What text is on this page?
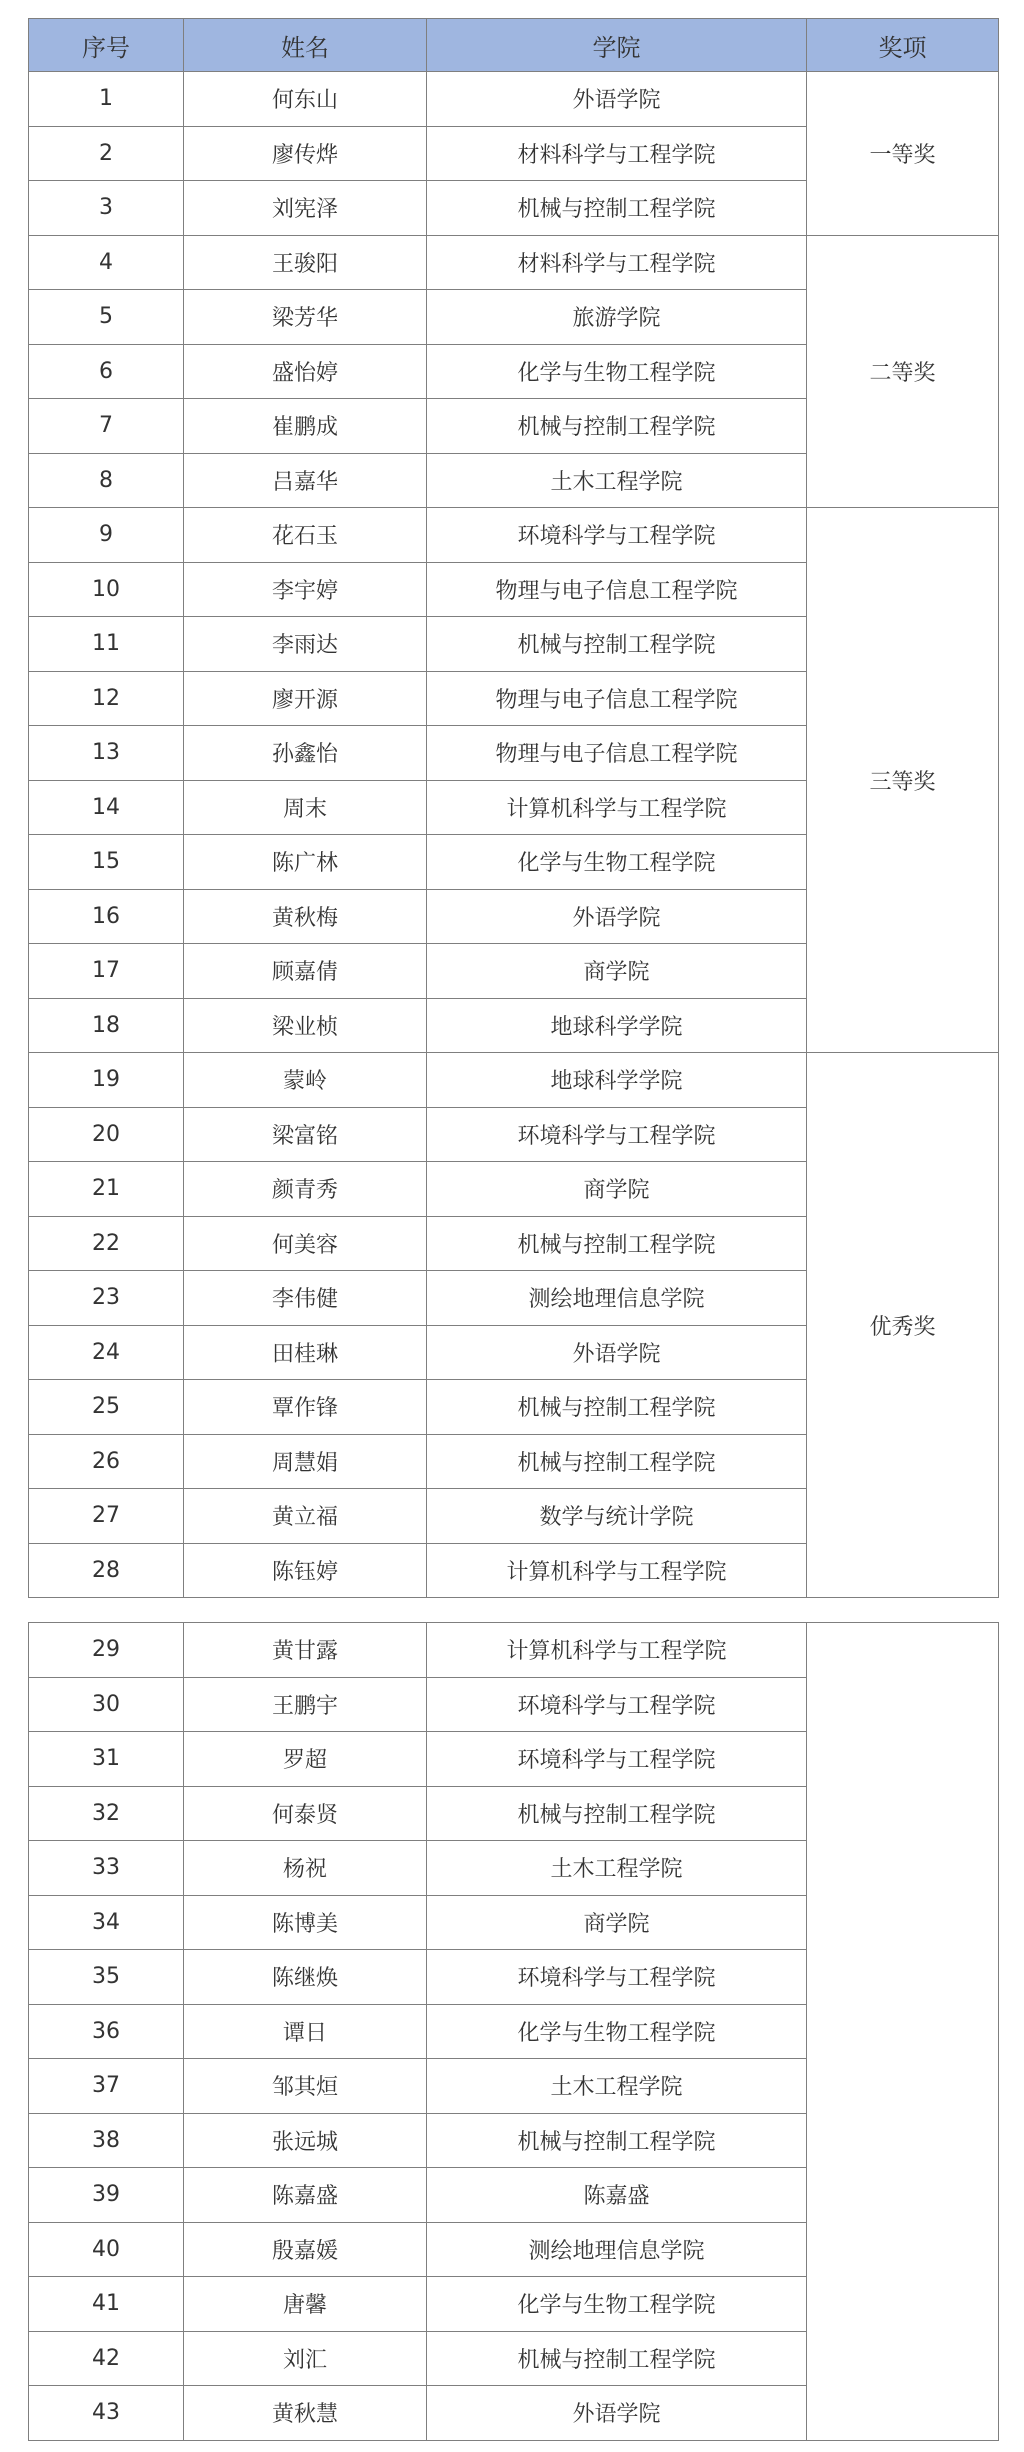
序号	姓名	学院	奖项
1	何东山	外语学院	一等奖
2	廖传烨	材料科学与工程学院	
3	刘宪泽	机械与控制工程学院	
4	王骏阳	材料科学与工程学院	二等奖
5	梁芳华	旅游学院	
6	盛怡婷	化学与生物工程学院	
7	崔鹏成	机械与控制工程学院	
8	吕嘉华	土木工程学院	
9	花石玉	环境科学与工程学院	三等奖
10	李宇婷	物理与电子信息工程学院	
11	李雨达	机械与控制工程学院	
12	廖开源	物理与电子信息工程学院	
13	孙鑫怡	物理与电子信息工程学院	
14	周末	计算机科学与工程学院	
15	陈广林	化学与生物工程学院	
16	黄秋梅	外语学院	
17	顾嘉倩	商学院	
18	梁业桢	地球科学学院	
19	蒙岭	地球科学学院	优秀奖
20	梁富铭	环境科学与工程学院	
21	颜青秀	商学院	
22	何美容	机械与控制工程学院	
23	李伟健	测绘地理信息学院	
24	田桂琳	外语学院	
25	覃作锋	机械与控制工程学院	
26	周慧娟	机械与控制工程学院	
27	黄立福	数学与统计学院	
28	陈钰婷	计算机科学与工程学院	
29	黄甘露	计算机科学与工程学院	
30	王鹏宇	环境科学与工程学院	
31	罗超	环境科学与工程学院	
32	何泰贤	机械与控制工程学院	
33	杨祝	土木工程学院	
34	陈博美	商学院	
35	陈继焕	环境科学与工程学院	
36	谭日	化学与生物工程学院	
37	邹其烜	土木工程学院	
38	张远城	机械与控制工程学院	
39	陈嘉盛	陈嘉盛	
40	殷嘉媛	测绘地理信息学院	
41	唐馨	化学与生物工程学院	
42	刘汇	机械与控制工程学院	
43	黄秋慧	外语学院	
